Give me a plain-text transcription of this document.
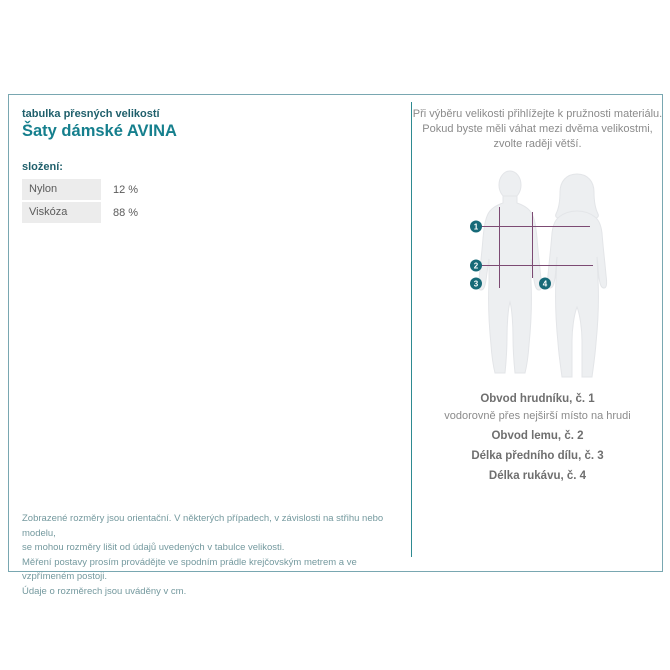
tabulka přesných velikostí
Šaty dámské AVINA
složení:
Nylon	12 %
Viskóza	88 %
Zobrazené rozměry jsou orientační. V některých případech, v závislosti na střihu nebo modelu,
se mohou rozměry lišit od údajů uvedených v tabulce velikosti.
Měření postavy prosím provádějte ve spodním prádle krejčovským metrem a ve vzpřímeném postoji.
Údaje o rozměrech jsou uváděny v cm.
Při výběru velikosti přihlížejte k pružnosti materiálu.
Pokud byste měli váhat mezi dvěma velikostmi,
zvolte raději větší.
1
2
3	4
Obvod hrudníku, č. 1
vodorovně přes nejširší místo na hrudi
Obvod lemu, č. 2
Délka předního dílu, č. 3
Délka rukávu, č. 4
